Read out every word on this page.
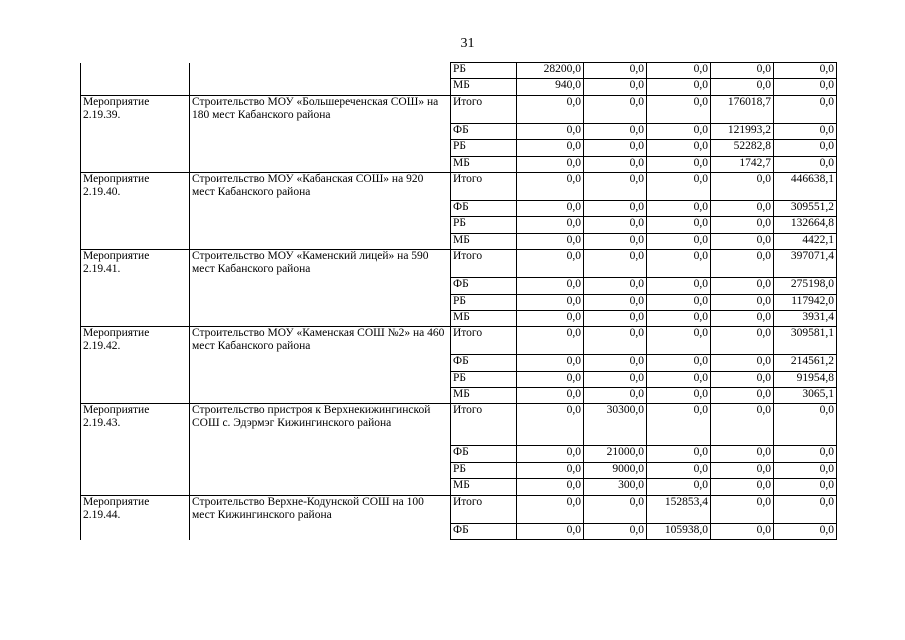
31
		РБ	28200,0	0,0	0,0	0,0	0,0
		МБ	940,0	0,0	0,0	0,0	0,0
Мероприятие 2.19.39.	Строительство МОУ «Большереченская СОШ» на 180 мест Кабанского района	Итого	0,0	0,0	0,0	176018,7	0,0
		ФБ	0,0	0,0	0,0	121993,2	0,0
		РБ	0,0	0,0	0,0	52282,8	0,0
		МБ	0,0	0,0	0,0	1742,7	0,0
Мероприятие 2.19.40.	Строительство МОУ «Кабанская СОШ» на 920 мест Кабанского района	Итого	0,0	0,0	0,0	0,0	446638,1
		ФБ	0,0	0,0	0,0	0,0	309551,2
		РБ	0,0	0,0	0,0	0,0	132664,8
		МБ	0,0	0,0	0,0	0,0	4422,1
Мероприятие 2.19.41.	Строительство МОУ «Каменский лицей» на 590 мест Кабанского района	Итого	0,0	0,0	0,0	0,0	397071,4
		ФБ	0,0	0,0	0,0	0,0	275198,0
		РБ	0,0	0,0	0,0	0,0	117942,0
		МБ	0,0	0,0	0,0	0,0	3931,4
Мероприятие 2.19.42.	Строительство МОУ «Каменская СОШ №2» на 460 мест Кабанского района	Итого	0,0	0,0	0,0	0,0	309581,1
		ФБ	0,0	0,0	0,0	0,0	214561,2
		РБ	0,0	0,0	0,0	0,0	91954,8
		МБ	0,0	0,0	0,0	0,0	3065,1
Мероприятие 2.19.43.	Строительство пристроя к Верхнекижингинской СОШ с. Эдэрмэг Кижингинского района	Итого	0,0	30300,0	0,0	0,0	0,0
		ФБ	0,0	21000,0	0,0	0,0	0,0
		РБ	0,0	9000,0	0,0	0,0	0,0
		МБ	0,0	300,0	0,0	0,0	0,0
Мероприятие 2.19.44.	Строительство Верхне-Кодунской СОШ на 100 мест Кижингинского района	Итого	0,0	0,0	152853,4	0,0	0,0
		ФБ	0,0	0,0	105938,0	0,0	0,0
